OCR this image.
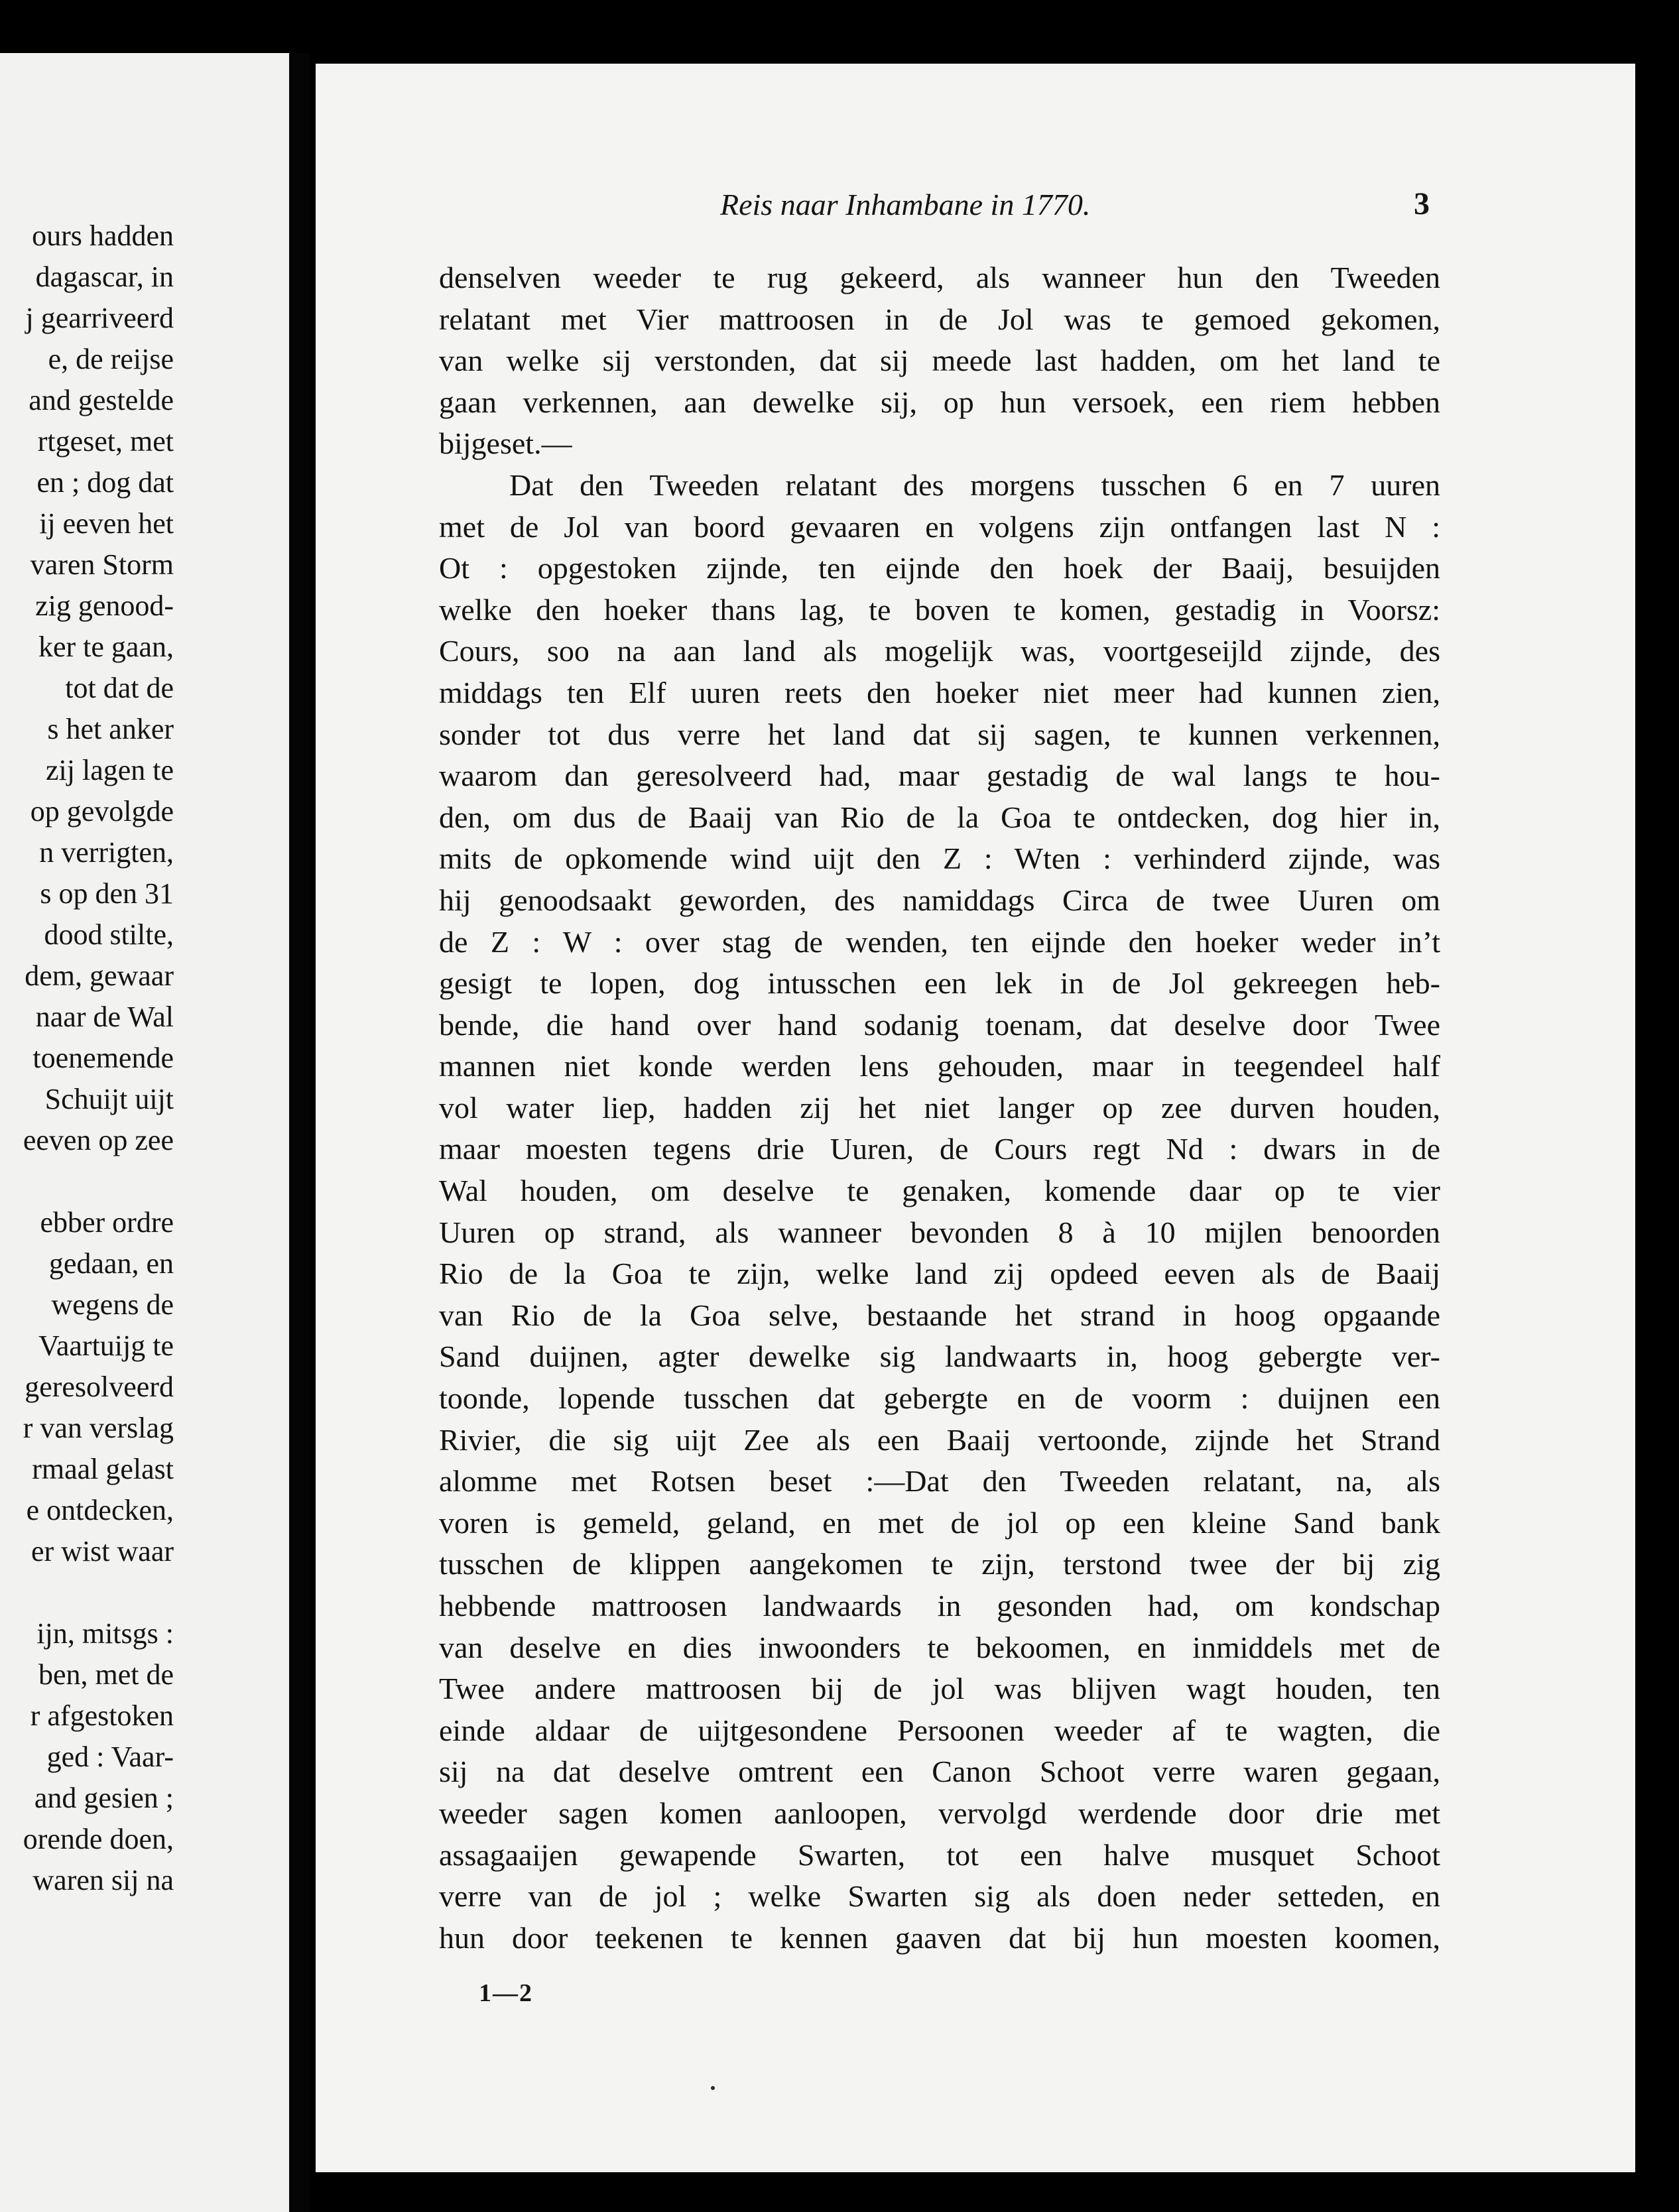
ours hadden
dagascar, in
j gearriveerd
e, de reijse
and gestelde
rtgeset, met
en ; dog dat
ij eeven het
varen Storm
zig genood-
ker te gaan,
tot dat de
s het anker
zij lagen te
op gevolgde
n verrigten,
s op den 31
dood stilte,
dem, gewaar
naar de Wal
toenemende
Schuijt uijt
eeven op zee
ebber ordre
gedaan, en
wegens de
Vaartuijg te
geresolveerd
r van verslag
rmaal gelast
e ontdecken,
er wist waar
ijn, mitsgs :
ben, met de
r afgestoken
ged : Vaar-
and gesien ;
orende doen,
waren sij na
Reis naar Inhambane in 1770.	3
denselven weeder te rug gekeerd, als wanneer hun den Tweeden
relatant met Vier mattroosen in de Jol was te gemoed gekomen,
van welke sij verstonden, dat sij meede last hadden, om het land te
gaan verkennen, aan dewelke sij, op hun versoek, een riem hebben
bijgeset.—
Dat den Tweeden relatant des morgens tusschen 6 en 7 uuren
met de Jol van boord gevaaren en volgens zijn ontfangen last N :
Ot : opgestoken zijnde, ten eijnde den hoek der Baaij, besuijden
welke den hoeker thans lag, te boven te komen, gestadig in Voorsz:
Cours, soo na aan land als mogelijk was, voortgeseijld zijnde, des
middags ten Elf uuren reets den hoeker niet meer had kunnen zien,
sonder tot dus verre het land dat sij sagen, te kunnen verkennen,
waarom dan geresolveerd had, maar gestadig de wal langs te hou-
den, om dus de Baaij van Rio de la Goa te ontdecken, dog hier in,
mits de opkomende wind uijt den Z : Wten : verhinderd zijnde, was
hij genoodsaakt geworden, des namiddags Circa de twee Uuren om
de Z : W : over stag de wenden, ten eijnde den hoeker weder in’t
gesigt te lopen, dog intusschen een lek in de Jol gekreegen heb-
bende, die hand over hand sodanig toenam, dat deselve door Twee
mannen niet konde werden lens gehouden, maar in teegendeel half
vol water liep, hadden zij het niet langer op zee durven houden,
maar moesten tegens drie Uuren, de Cours regt Nd : dwars in de
Wal houden, om deselve te genaken, komende daar op te vier
Uuren op strand, als wanneer bevonden 8 à 10 mijlen benoorden
Rio de la Goa te zijn, welke land zij opdeed eeven als de Baaij
van Rio de la Goa selve, bestaande het strand in hoog opgaande
Sand duijnen, agter dewelke sig landwaarts in, hoog gebergte ver-
toonde, lopende tusschen dat gebergte en de voorm : duijnen een
Rivier, die sig uijt Zee als een Baaij vertoonde, zijnde het Strand
alomme met Rotsen beset :—Dat den Tweeden relatant, na, als
voren is gemeld, geland, en met de jol op een kleine Sand bank
tusschen de klippen aangekomen te zijn, terstond twee der bij zig
hebbende mattroosen landwaards in gesonden had, om kondschap
van deselve en dies inwoonders te bekoomen, en inmiddels met de
Twee andere mattroosen bij de jol was blijven wagt houden, ten
einde aldaar de uijtgesondene Persoonen weeder af te wagten, die
sij na dat deselve omtrent een Canon Schoot verre waren gegaan,
weeder sagen komen aanloopen, vervolgd werdende door drie met
assagaaijen gewapende Swarten, tot een halve musquet Schoot
verre van de jol ; welke Swarten sig als doen neder setteden, en
hun door teekenen te kennen gaaven dat bij hun moesten koomen,
1—2
